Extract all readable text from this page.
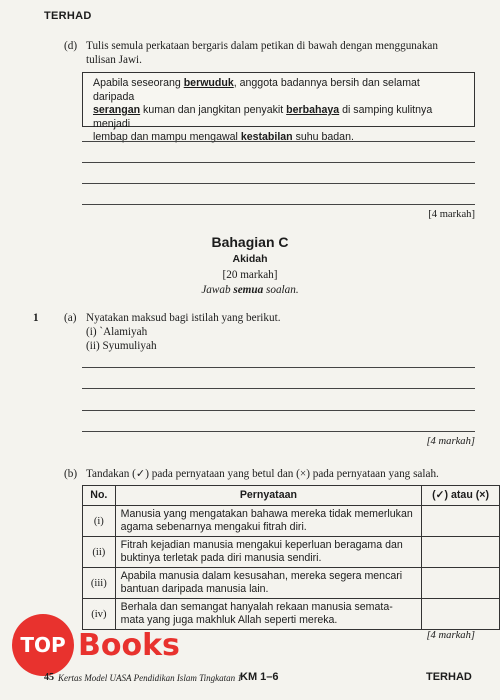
TERHAD
(d) Tulis semula perkataan bergaris dalam petikan di bawah dengan menggunakan
tulisan Jawi.
Apabila seseorang berwuduk, anggota badannya bersih dan selamat daripada
serangan kuman dan jangkitan penyakit berbahaya di samping kulitnya menjadi
lembap dan mampu mengawal kestabilan suhu badan.
[4 markah]
Bahagian C
Akidah
[20 markah]
Jawab semua soalan.
1 (a) Nyatakan maksud bagi istilah yang berikut.
(i) `Alamiyah
(ii) Syumuliyah
[4 markah]
(b) Tandakan (✓) pada pernyataan yang betul dan (×) pada pernyataan yang salah.
No.	Pernyataan	(✓) atau (×)
(i)	Manusia yang mengatakan bahawa mereka tidak memerlukan agama sebenarnya mengakui fitrah diri.	
(ii)	Fitrah kejadian manusia mengakui keperluan beragama dan buktinya terletak pada diri manusia sendiri.	
(iii)	Apabila manusia dalam kesusahan, mereka segera mencari bantuan daripada manusia lain.	
(iv)	Berhala dan semangat hanyalah rekaan manusia semata-mata yang juga makhluk Allah seperti mereka.	
[4 markah]
TOP Books
45 Kertas Model UASA Pendidikan Islam Tingkatan 1
KM 1–6	TERHAD
